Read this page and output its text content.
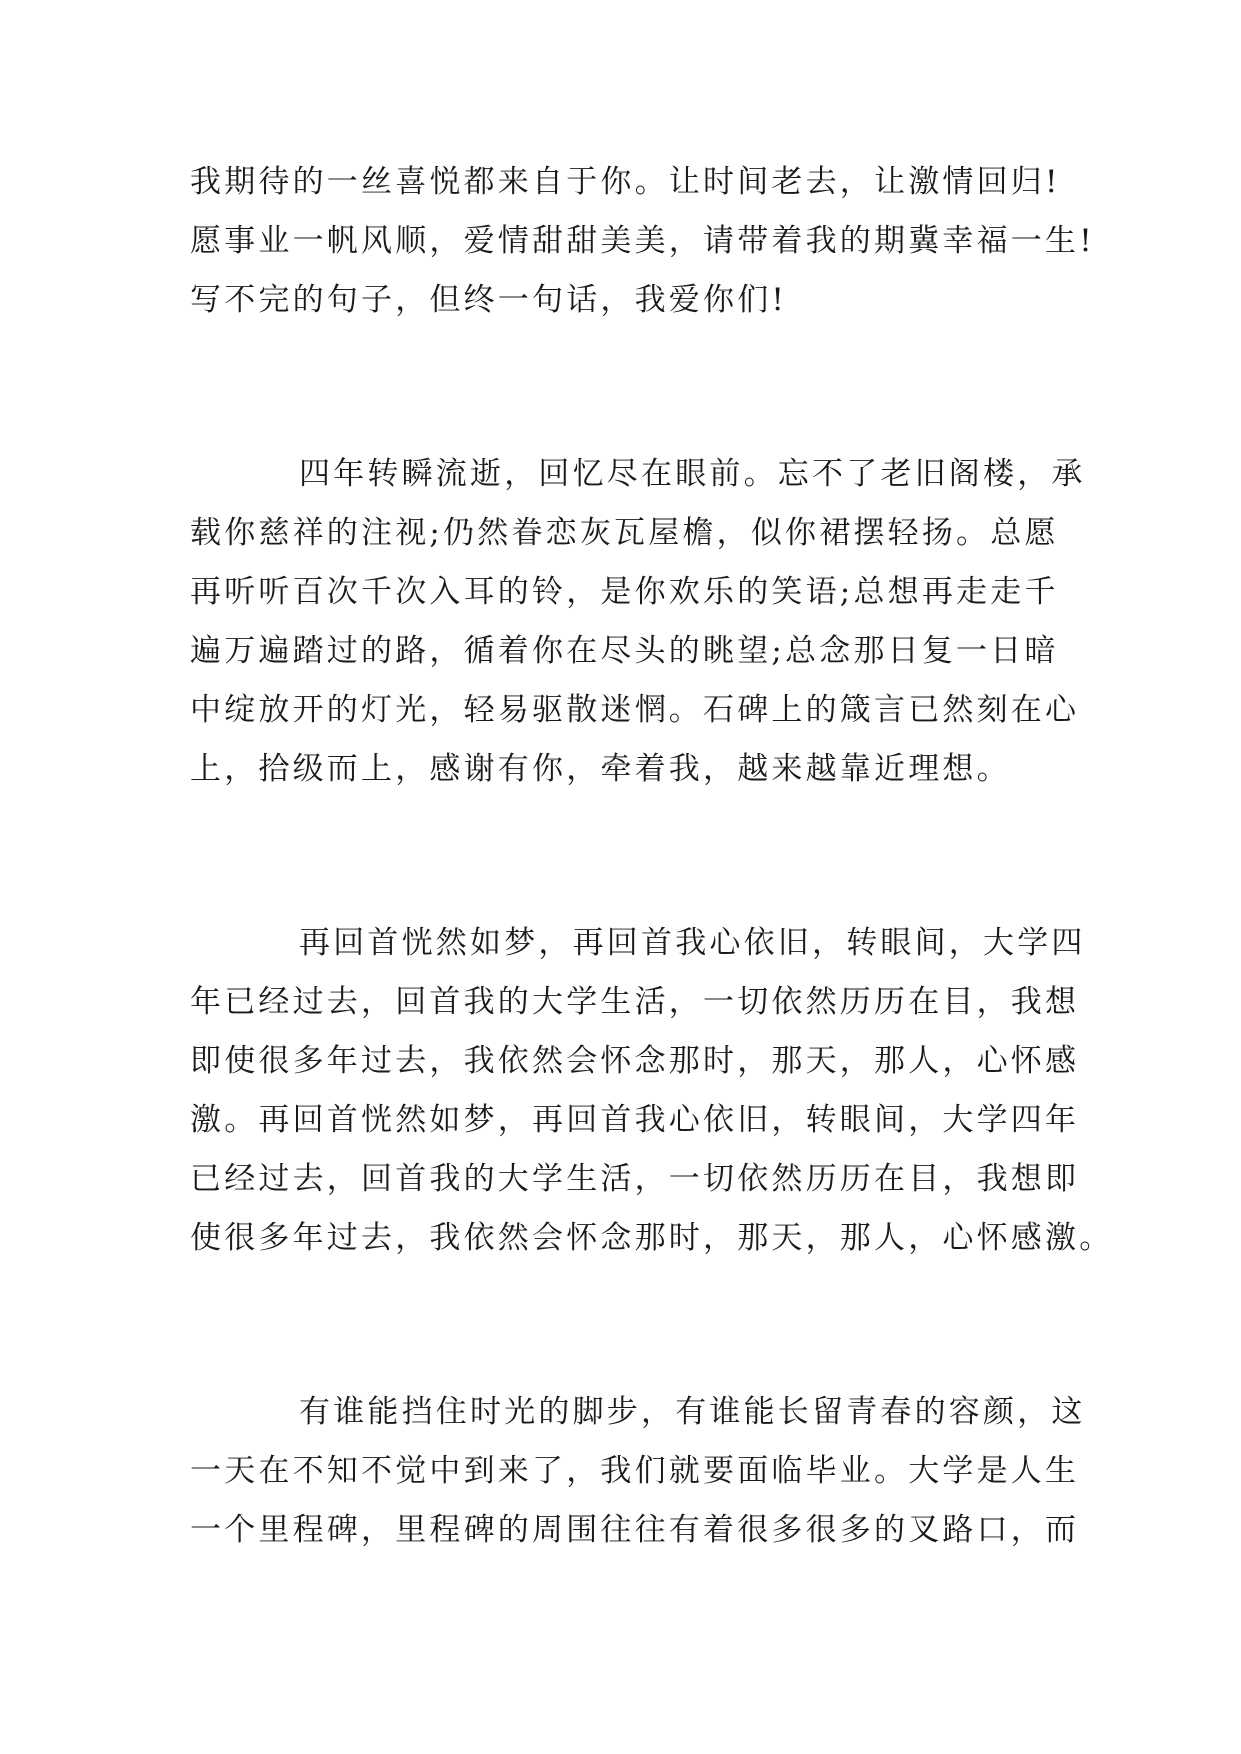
我期待的一丝喜悦都来自于你。让时间老去，让激情回归!
愿事业一帆风顺，爱情甜甜美美，请带着我的期冀幸福一生!
写不完的句子，但终一句话，我爱你们!
四年转瞬流逝，回忆尽在眼前。忘不了老旧阁楼，承
载你慈祥的注视;仍然眷恋灰瓦屋檐，似你裙摆轻扬。总愿
再听听百次千次入耳的铃，是你欢乐的笑语;总想再走走千
遍万遍踏过的路，循着你在尽头的眺望;总念那日复一日暗
中绽放开的灯光，轻易驱散迷惘。石碑上的箴言已然刻在心
上，拾级而上，感谢有你，牵着我，越来越靠近理想。
再回首恍然如梦，再回首我心依旧，转眼间，大学四
年已经过去，回首我的大学生活，一切依然历历在目，我想
即使很多年过去，我依然会怀念那时，那天，那人，心怀感
激。再回首恍然如梦，再回首我心依旧，转眼间，大学四年
已经过去，回首我的大学生活，一切依然历历在目，我想即
使很多年过去，我依然会怀念那时，那天，那人，心怀感激。
有谁能挡住时光的脚步，有谁能长留青春的容颜，这
一天在不知不觉中到来了，我们就要面临毕业。大学是人生
一个里程碑，里程碑的周围往往有着很多很多的叉路口，而
